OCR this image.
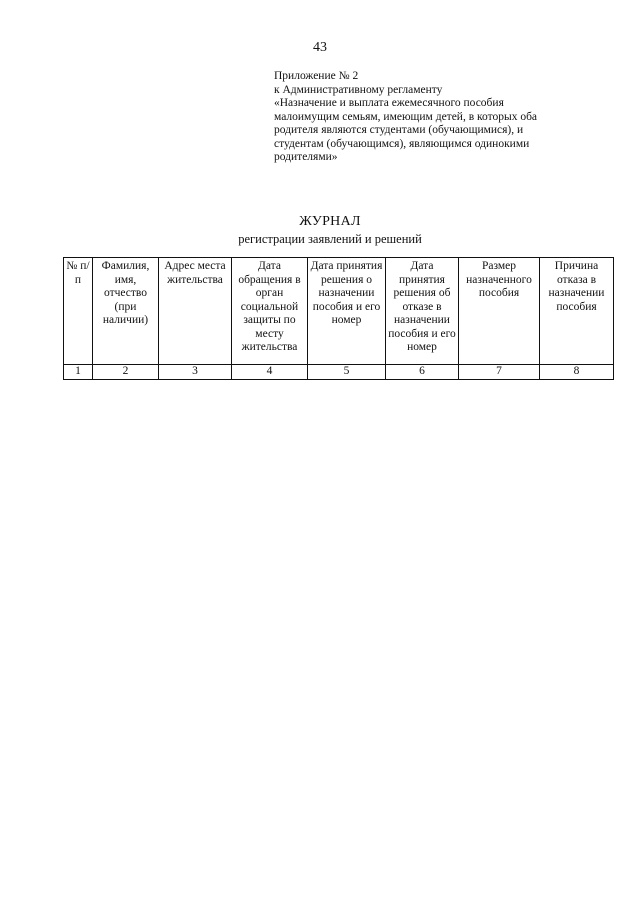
43
Приложение № 2
к Административному регламенту
«Назначение и выплата ежемесячного пособия
малоимущим семьям, имеющим детей, в которых оба
родителя являются студентами (обучающимися), и
студентам (обучающимся), являющимся одинокими
родителями»
ЖУРНАЛ
регистрации заявлений и решений
№ п/п	Фамилия, имя, отчество (при наличии)	Адрес места жительства	Дата обращения в орган социальной защиты по месту жительства	Дата принятия решения о назначении пособия и его номер	Дата принятия решения об отказе в назначении пособия и его номер	Размер назначенного пособия	Причина отказа в назначении пособия
1	2	3	4	5	6	7	8
